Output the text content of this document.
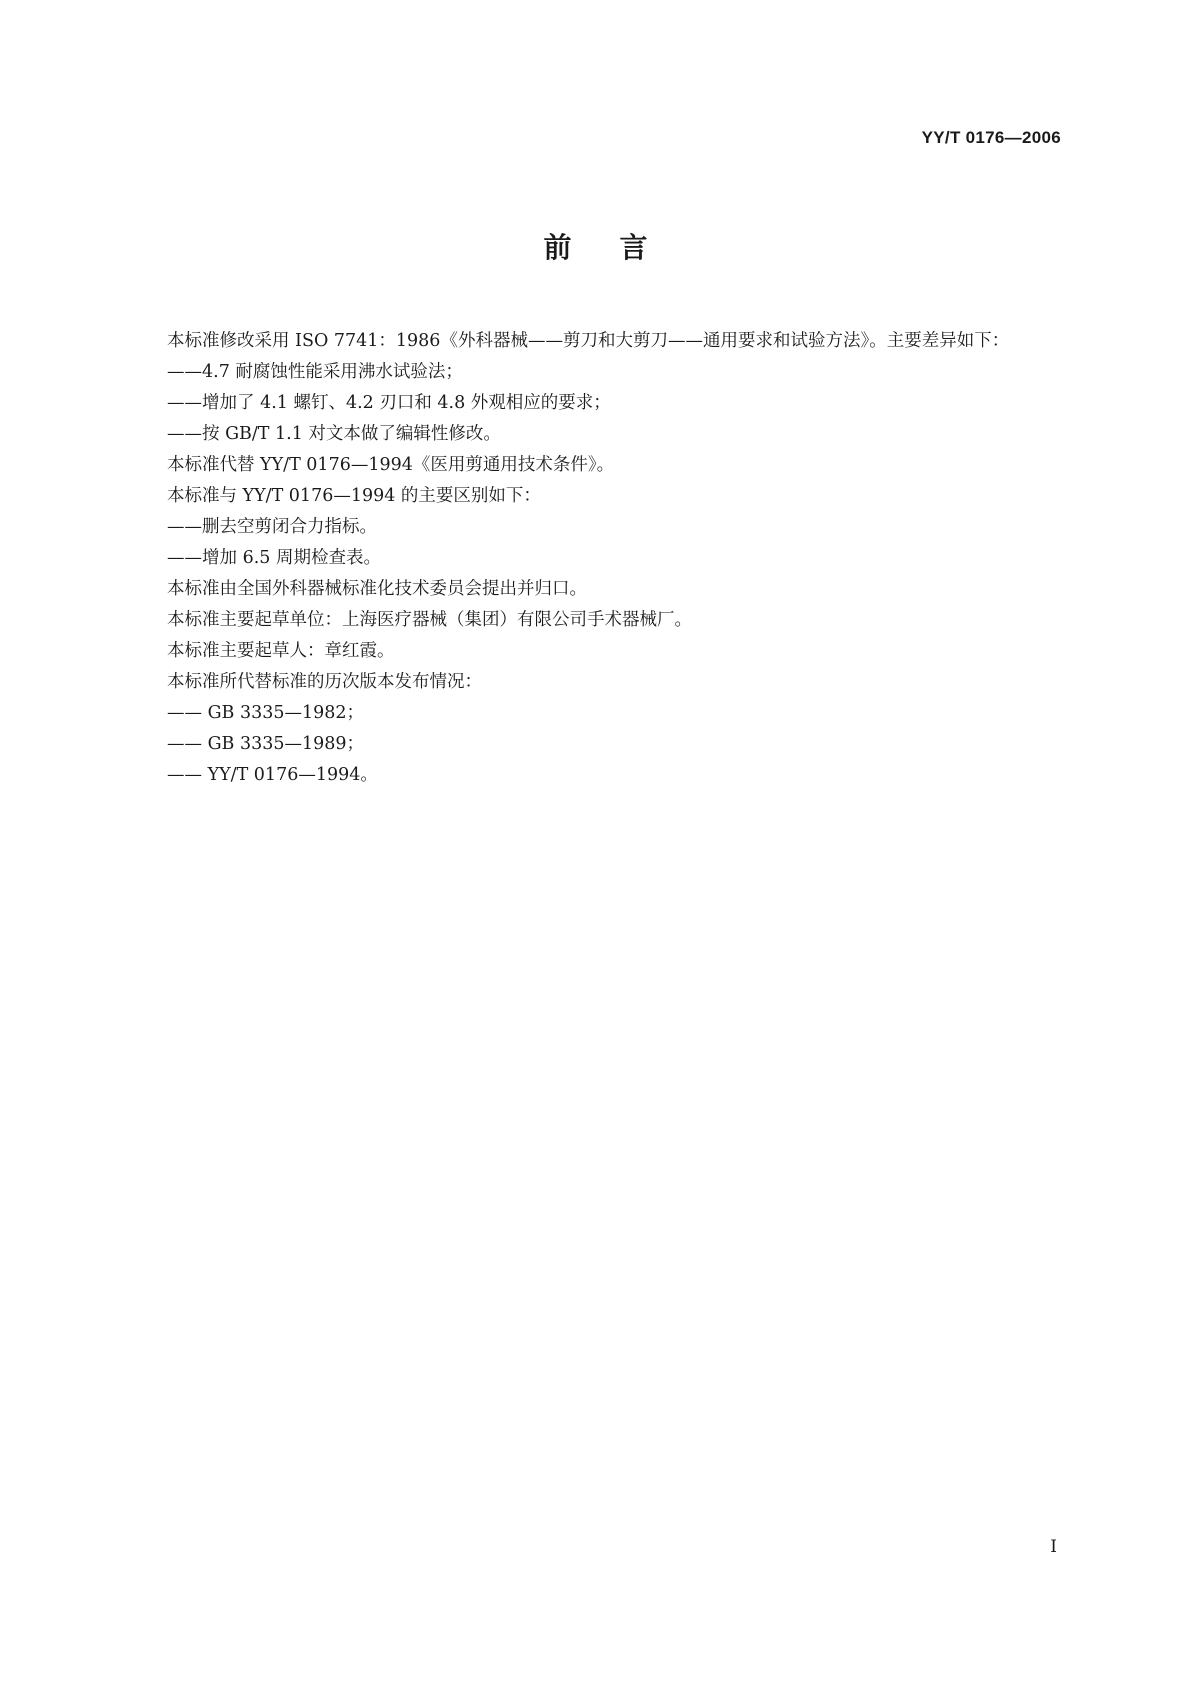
YY/T 0176—2006
前言

本标准修改采用 ISO 7741：1986《外科器械——剪刀和大剪刀——通用要求和试验方法》。主要差异如下：

——4.7 耐腐蚀性能采用沸水试验法；

——增加了 4.1 螺钉、4.2 刃口和 4.8 外观相应的要求；

——按 GB/T 1.1 对文本做了编辑性修改。

本标准代替 YY/T 0176—1994《医用剪通用技术条件》。

本标准与 YY/T 0176—1994 的主要区别如下：

——删去空剪闭合力指标。

——增加 6.5 周期检查表。

本标准由全国外科器械标准化技术委员会提出并归口。

本标准主要起草单位：上海医疗器械（集团）有限公司手术器械厂。

本标准主要起草人：章红霞。

本标准所代替标准的历次版本发布情况：

—— GB 3335—1982；

—— GB 3335—1989；

—— YY/T 0176—1994。

I
